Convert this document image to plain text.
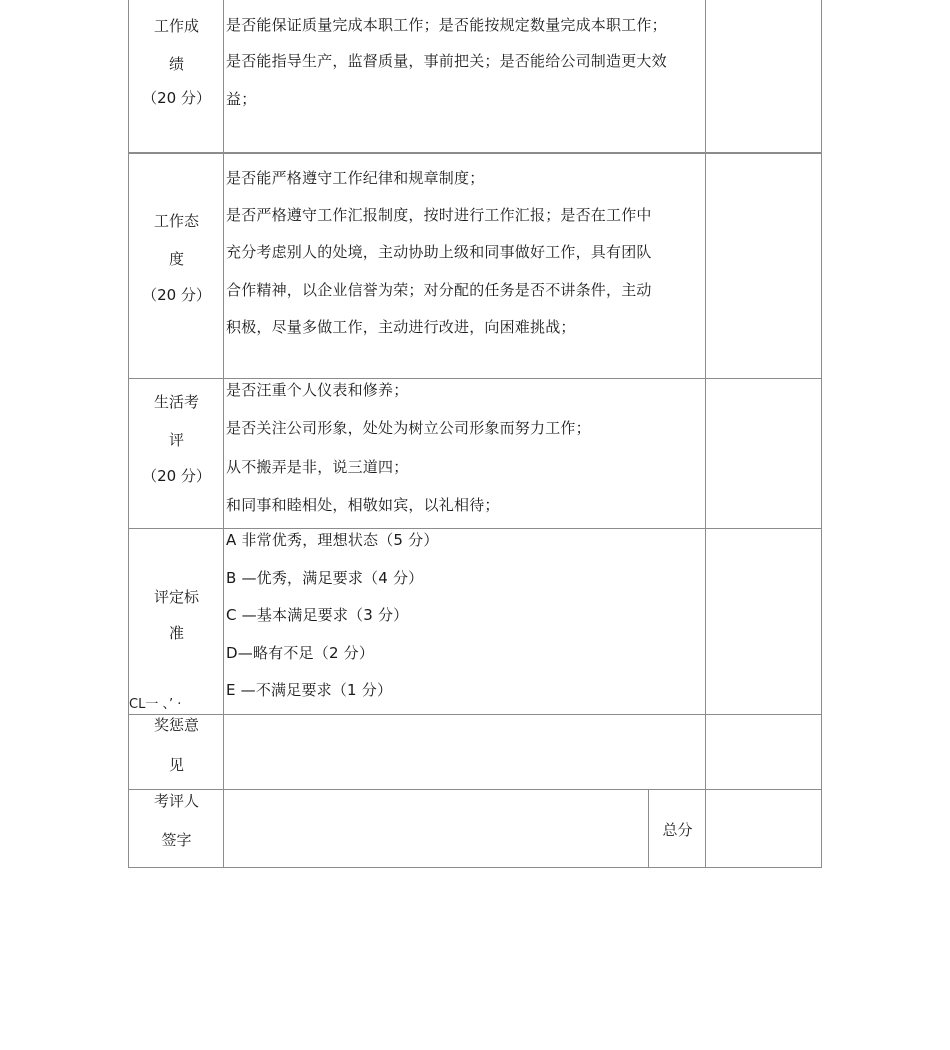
工作成
绩
（20 分）
是否能保证质量完成本职工作；是否能按规定数量完成本职工作；
是否能指导生产，监督质量，事前把关；是否能给公司制造更大效
益；
工作态
度
（20 分）
是否能严格遵守工作纪律和规章制度；
是否严格遵守工作汇报制度，按时进行工作汇报；是否在工作中
充分考虑别人的处境，主动协助上级和同事做好工作，具有团队
合作精神，以企业信誉为荣；对分配的任务是否不讲条件，主动
积极，尽量多做工作，主动进行改进，向困难挑战；
生活考
评
（20 分）
是否汪重个人仪表和修养；
是否关注公司形象，处处为树立公司形象而努力工作；
从不搬弄是非，说三道四；
和同事和睦相处，相敬如宾，以礼相待；
评定标
准
CL一 、’ ·
A 非常优秀，理想状态（5 分）
B —优秀，满足要求（4 分）
C —基本满足要求（3 分）
D—略有不足（2 分）
E —不满足要求（1 分）
奖惩意
见
考评人
签字
总分
